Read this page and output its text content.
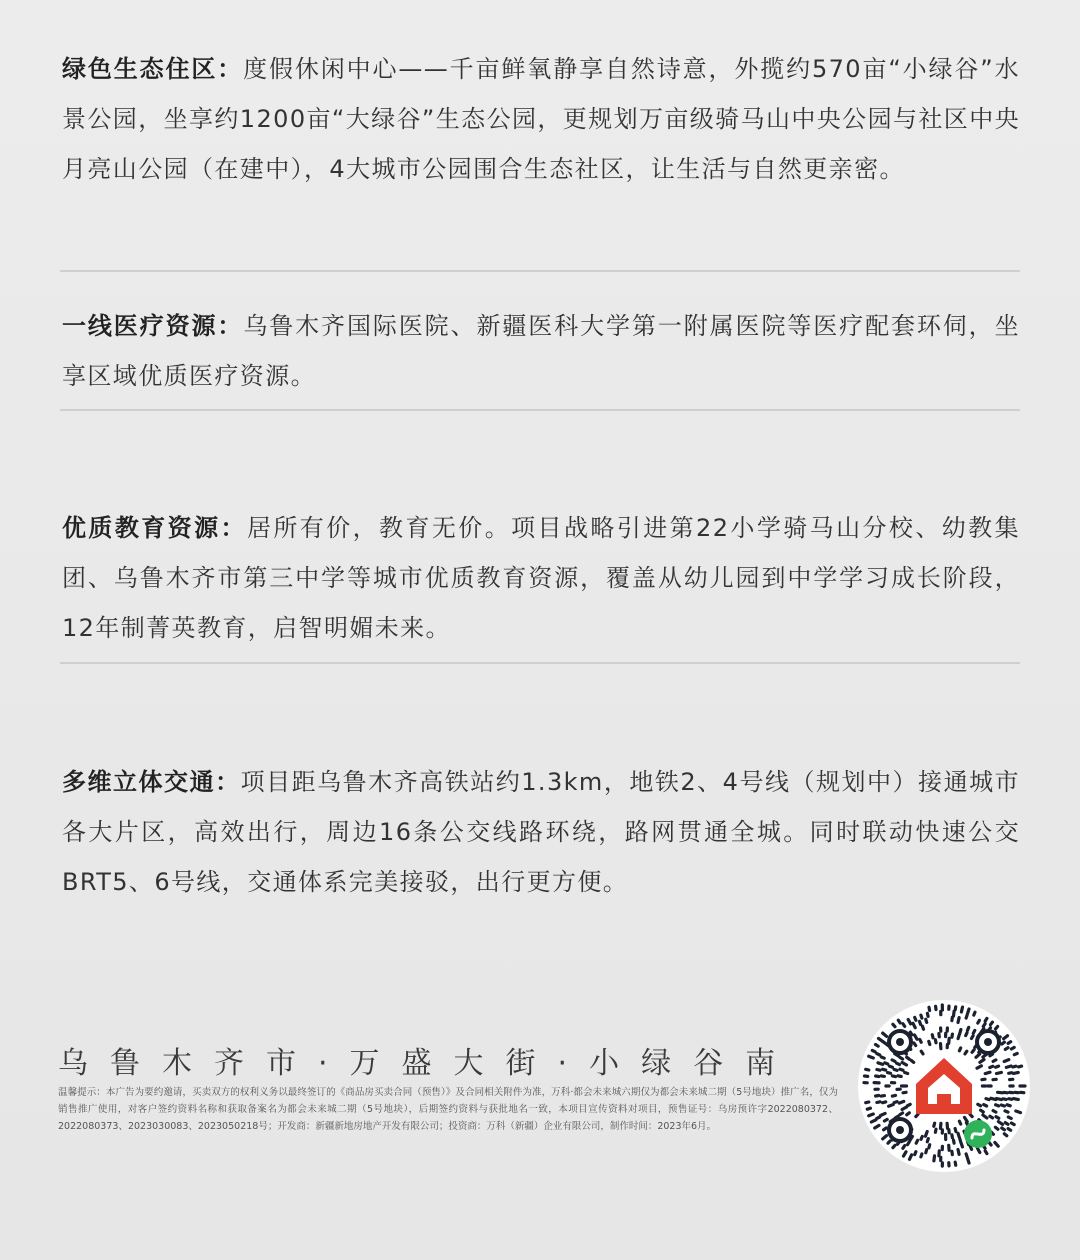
绿色生态住区：度假休闲中心——千亩鲜氧静享自然诗意，外揽约570亩“小绿谷”水景公园，坐享约1200亩“大绿谷”生态公园，更规划万亩级骑马山中央公园与社区中央月亮山公园（在建中），4大城市公园围合生态社区，让生活与自然更亲密。
一线医疗资源：乌鲁木齐国际医院、新疆医科大学第一附属医院等医疗配套环伺，坐享区域优质医疗资源。
优质教育资源：居所有价，教育无价。项目战略引进第22小学骑马山分校、幼教集团、乌鲁木齐市第三中学等城市优质教育资源，覆盖从幼儿园到中学学习成长阶段，12年制菁英教育，启智明媚未来。
多维立体交通：项目距乌鲁木齐高铁站约1.3km，地铁2、4号线（规划中）接通城市各大片区，高效出行，周边16条公交线路环绕，路网贯通全城。同时联动快速公交BRT5、6号线，交通体系完美接驳，出行更方便。
乌鲁木齐市·万盛大街·小绿谷南
温馨提示：本广告为要约邀请，买卖双方的权利义务以最终签订的《商品房买卖合同（预售）》及合同相关附件为准，万科·都会未来城六期仅为都会未来城二期（5号地块）推广名，仅为销售推广使用，对客户签约资料名称和获取备案名为都会未来城二期（5号地块），后期签约资料与获批地名一致，本项目宣传资料对项目，预售证号：乌房预许字2022080372、2022080373、2023030083、2023050218号；开发商：新疆新地房地产开发有限公司；投资商：万科（新疆）企业有限公司，制作时间：2023年6月。
